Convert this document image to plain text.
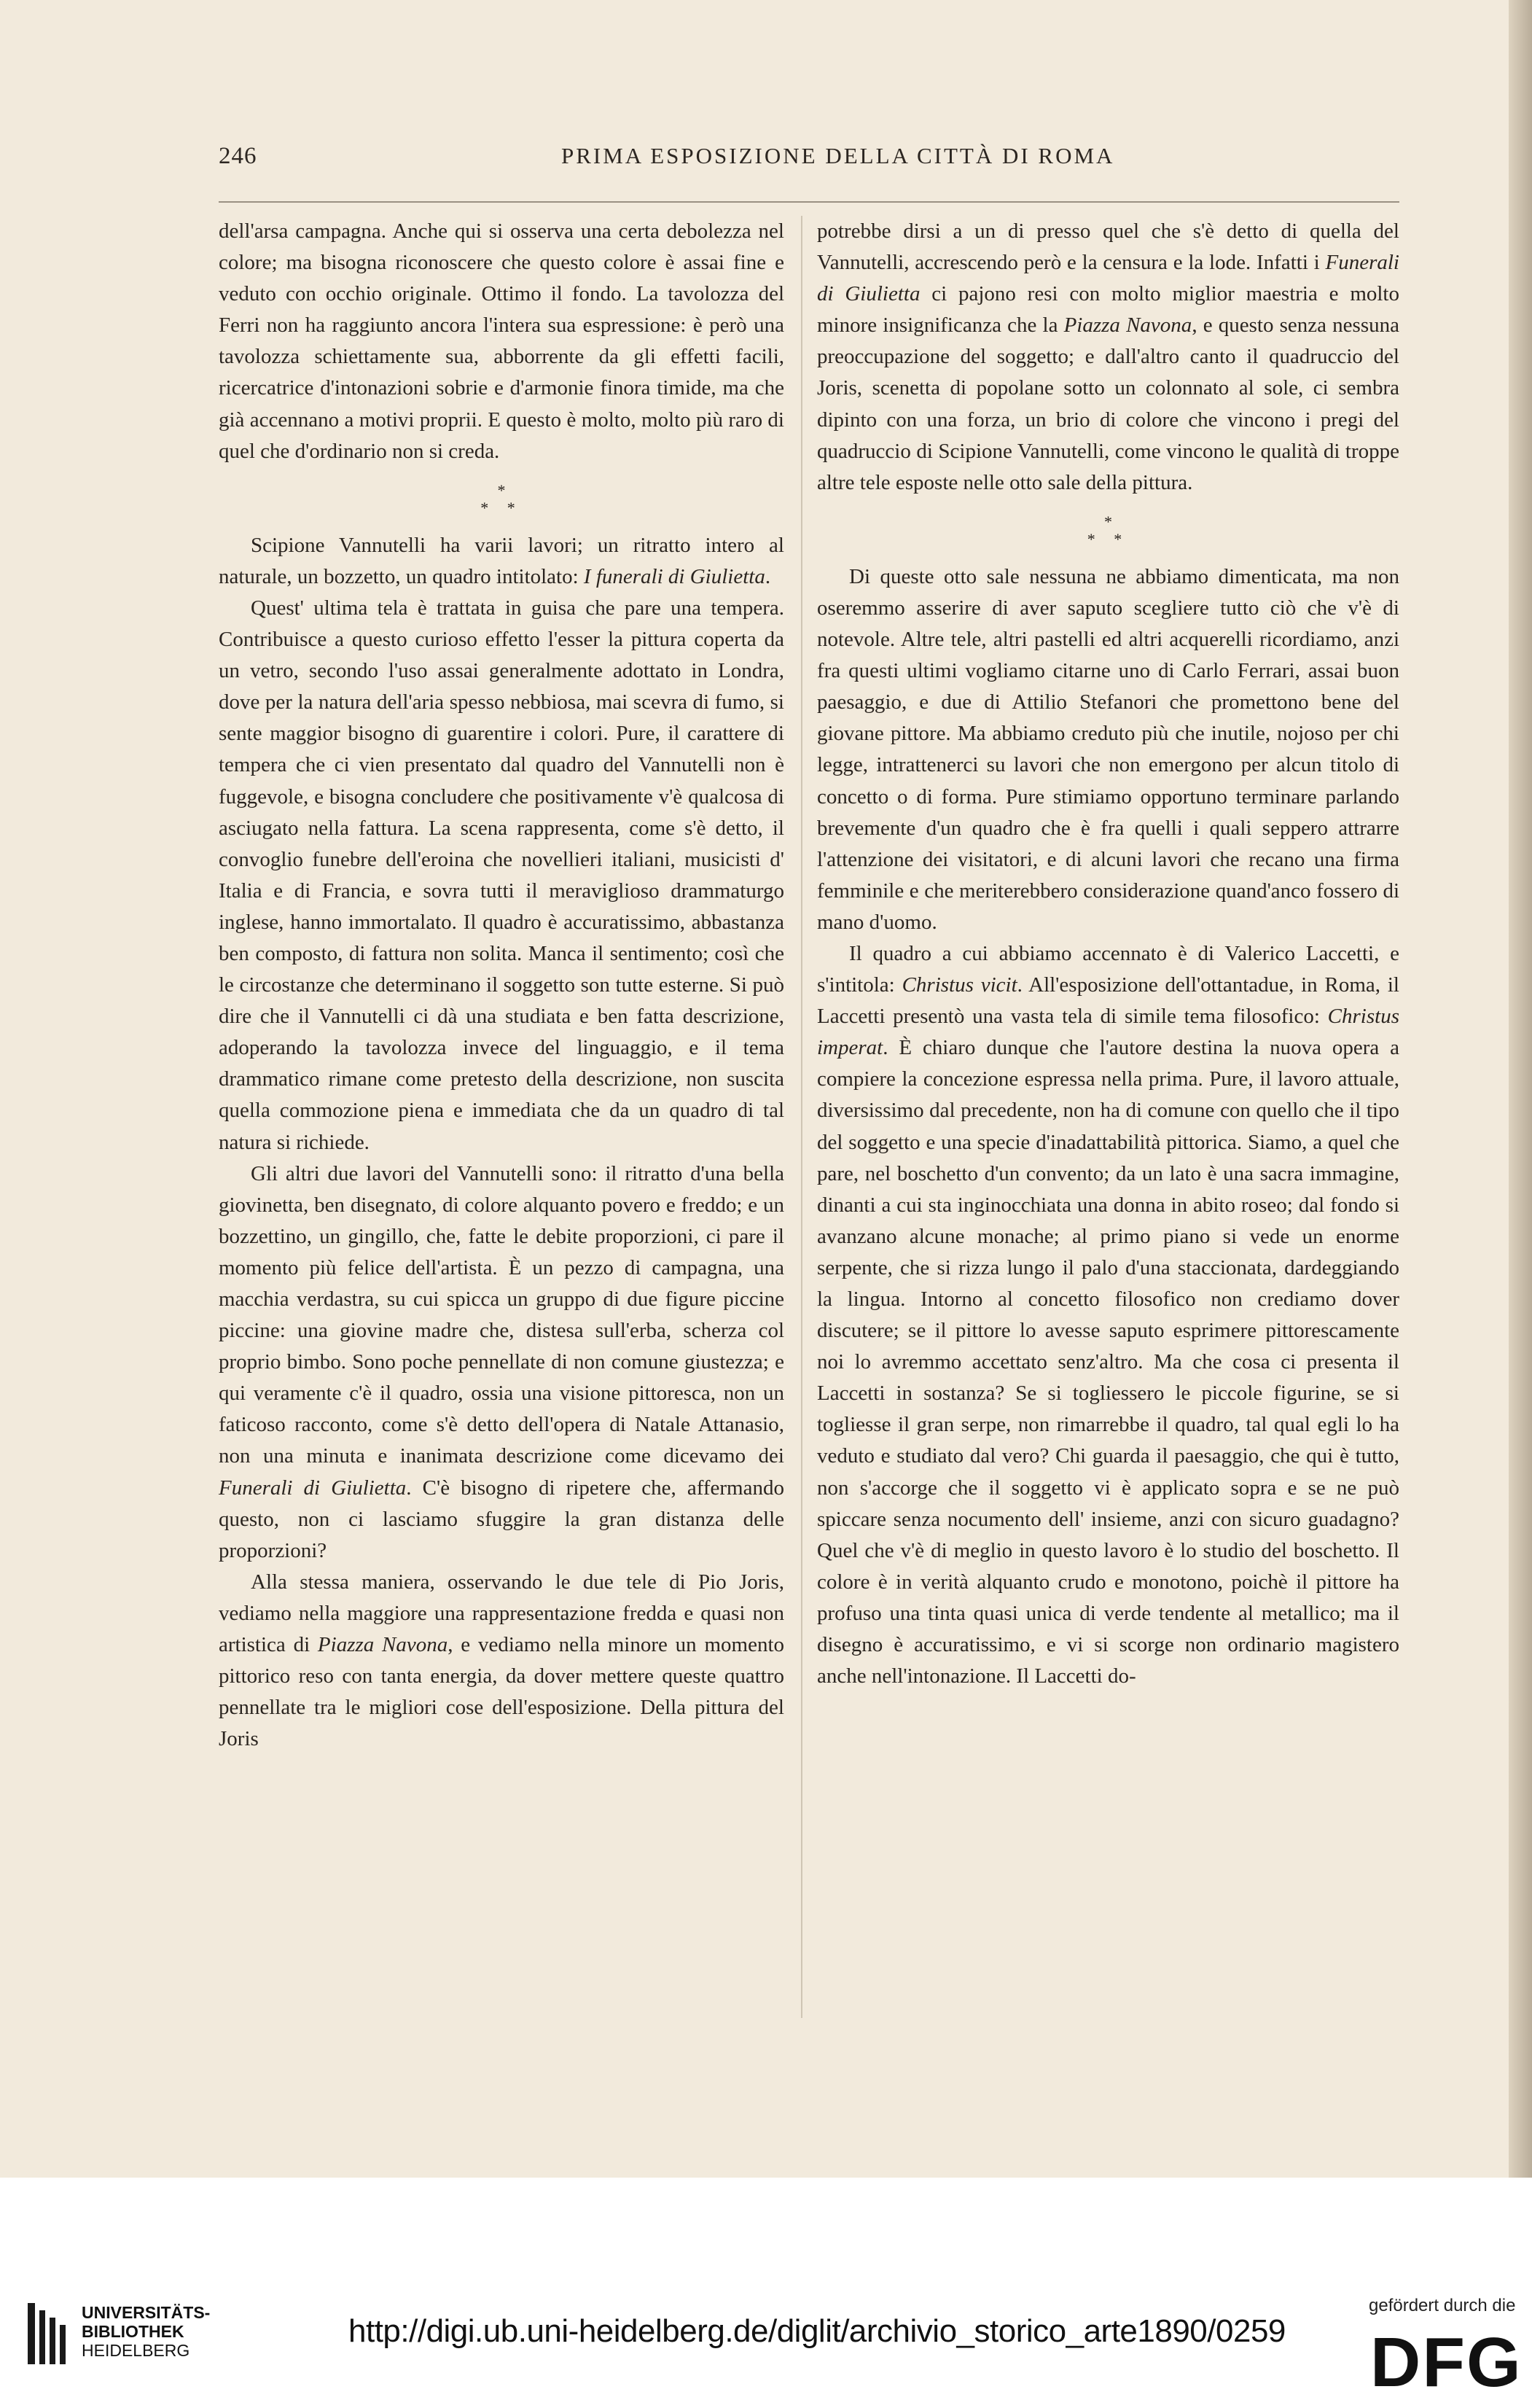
246	PRIMA ESPOSIZIONE DELLA CITTÀ DI ROMA

dell'arsa campagna. Anche qui si osserva una certa debolezza nel colore; ma bisogna riconoscere che questo colore è assai fine e veduto con occhio originale. Ottimo il fondo. La tavolozza del Ferri non ha raggiunto ancora l'intera sua espressione: è però una tavolozza schiettamente sua, abborrente da gli effetti facili, ricercatrice d'intonazioni sobrie e d'armonie finora timide, ma che già accennano a motivi proprii. E questo è molto, molto più raro di quel che d'ordinario non si creda.

*
* *

Scipione Vannutelli ha varii lavori; un ritratto intero al naturale, un bozzetto, un quadro intitolato: I funerali di Giulietta.

Quest' ultima tela è trattata in guisa che pare una tempera. Contribuisce a questo curioso effetto l'esser la pittura coperta da un vetro, secondo l'uso assai generalmente adottato in Londra, dove per la natura dell'aria spesso nebbiosa, mai scevra di fumo, si sente maggior bisogno di guarentire i colori. Pure, il carattere di tempera che ci vien presentato dal quadro del Vannutelli non è fuggevole, e bisogna concludere che positivamente v'è qualcosa di asciugato nella fattura. La scena rappresenta, come s'è detto, il convoglio funebre dell'eroina che novellieri italiani, musicisti d' Italia e di Francia, e sovra tutti il meraviglioso drammaturgo inglese, hanno immortalato. Il quadro è accuratissimo, abbastanza ben composto, di fattura non solita. Manca il sentimento; così che le circostanze che determinano il soggetto son tutte esterne. Si può dire che il Vannutelli ci dà una studiata e ben fatta descrizione, adoperando la tavolozza invece del linguaggio, e il tema drammatico rimane come pretesto della descrizione, non suscita quella commozione piena e immediata che da un quadro di tal natura si richiede.

Gli altri due lavori del Vannutelli sono: il ritratto d'una bella giovinetta, ben disegnato, di colore alquanto povero e freddo; e un bozzettino, un gingillo, che, fatte le debite proporzioni, ci pare il momento più felice dell'artista. È un pezzo di campagna, una macchia verdastra, su cui spicca un gruppo di due figure piccine piccine: una giovine madre che, distesa sull'erba, scherza col proprio bimbo. Sono poche pennellate di non comune giustezza; e qui veramente c'è il quadro, ossia una visione pittoresca, non un faticoso racconto, come s'è detto dell'opera di Natale Attanasio, non una minuta e inanimata descrizione come dicevamo dei Funerali di Giulietta. C'è bisogno di ripetere che, affermando questo, non ci lasciamo sfuggire la gran distanza delle proporzioni?

Alla stessa maniera, osservando le due tele di Pio Joris, vediamo nella maggiore una rappresentazione fredda e quasi non artistica di Piazza Navona, e vediamo nella minore un momento pittorico reso con tanta energia, da dover mettere queste quattro pennellate tra le migliori cose dell'esposizione. Della pittura del Joris

potrebbe dirsi a un di presso quel che s'è detto di quella del Vannutelli, accrescendo però e la censura e la lode. Infatti i Funerali di Giulietta ci pajono resi con molto miglior maestria e molto minore insignificanza che la Piazza Navona, e questo senza nessuna preoccupazione del soggetto; e dall'altro canto il quadruccio del Joris, scenetta di popolane sotto un colonnato al sole, ci sembra dipinto con una forza, un brio di colore che vincono i pregi del quadruccio di Scipione Vannutelli, come vincono le qualità di troppe altre tele esposte nelle otto sale della pittura.

*
* *

Di queste otto sale nessuna ne abbiamo dimenticata, ma non oseremmo asserire di aver saputo scegliere tutto ciò che v'è di notevole. Altre tele, altri pastelli ed altri acquerelli ricordiamo, anzi fra questi ultimi vogliamo citarne uno di Carlo Ferrari, assai buon paesaggio, e due di Attilio Stefanori che promettono bene del giovane pittore. Ma abbiamo creduto più che inutile, nojoso per chi legge, intrattenerci su lavori che non emergono per alcun titolo di concetto o di forma. Pure stimiamo opportuno terminare parlando brevemente d'un quadro che è fra quelli i quali seppero attrarre l'attenzione dei visitatori, e di alcuni lavori che recano una firma femminile e che meriterebbero considerazione quand'anco fossero di mano d'uomo.

Il quadro a cui abbiamo accennato è di Valerico Laccetti, e s'intitola: Christus vicit. All'esposizione dell'ottantadue, in Roma, il Laccetti presentò una vasta tela di simile tema filosofico: Christus imperat. È chiaro dunque che l'autore destina la nuova opera a compiere la concezione espressa nella prima. Pure, il lavoro attuale, diversissimo dal precedente, non ha di comune con quello che il tipo del soggetto e una specie d'inadattabilità pittorica. Siamo, a quel che pare, nel boschetto d'un convento; da un lato è una sacra immagine, dinanti a cui sta inginocchiata una donna in abito roseo; dal fondo si avanzano alcune monache; al primo piano si vede un enorme serpente, che si rizza lungo il palo d'una staccionata, dardeggiando la lingua. Intorno al concetto filosofico non crediamo dover discutere; se il pittore lo avesse saputo esprimere pittorescamente noi lo avremmo accettato senz'altro. Ma che cosa ci presenta il Laccetti in sostanza? Se si togliessero le piccole figurine, se si togliesse il gran serpe, non rimarrebbe il quadro, tal qual egli lo ha veduto e studiato dal vero? Chi guarda il paesaggio, che qui è tutto, non s'accorge che il soggetto vi è applicato sopra e se ne può spiccare senza nocumento dell' insieme, anzi con sicuro guadagno? Quel che v'è di meglio in questo lavoro è lo studio del boschetto. Il colore è in verità alquanto crudo e monotono, poichè il pittore ha profuso una tinta quasi unica di verde tendente al metallico; ma il disegno è accuratissimo, e vi si scorge non ordinario magistero anche nell'intonazione. Il Laccetti do-

UNIVERSITÄTS-
BIBLIOTHEK
HEIDELBERG
http://digi.ub.uni-heidelberg.de/diglit/archivio_storico_arte1890/0259
gefördert durch die
DFG
